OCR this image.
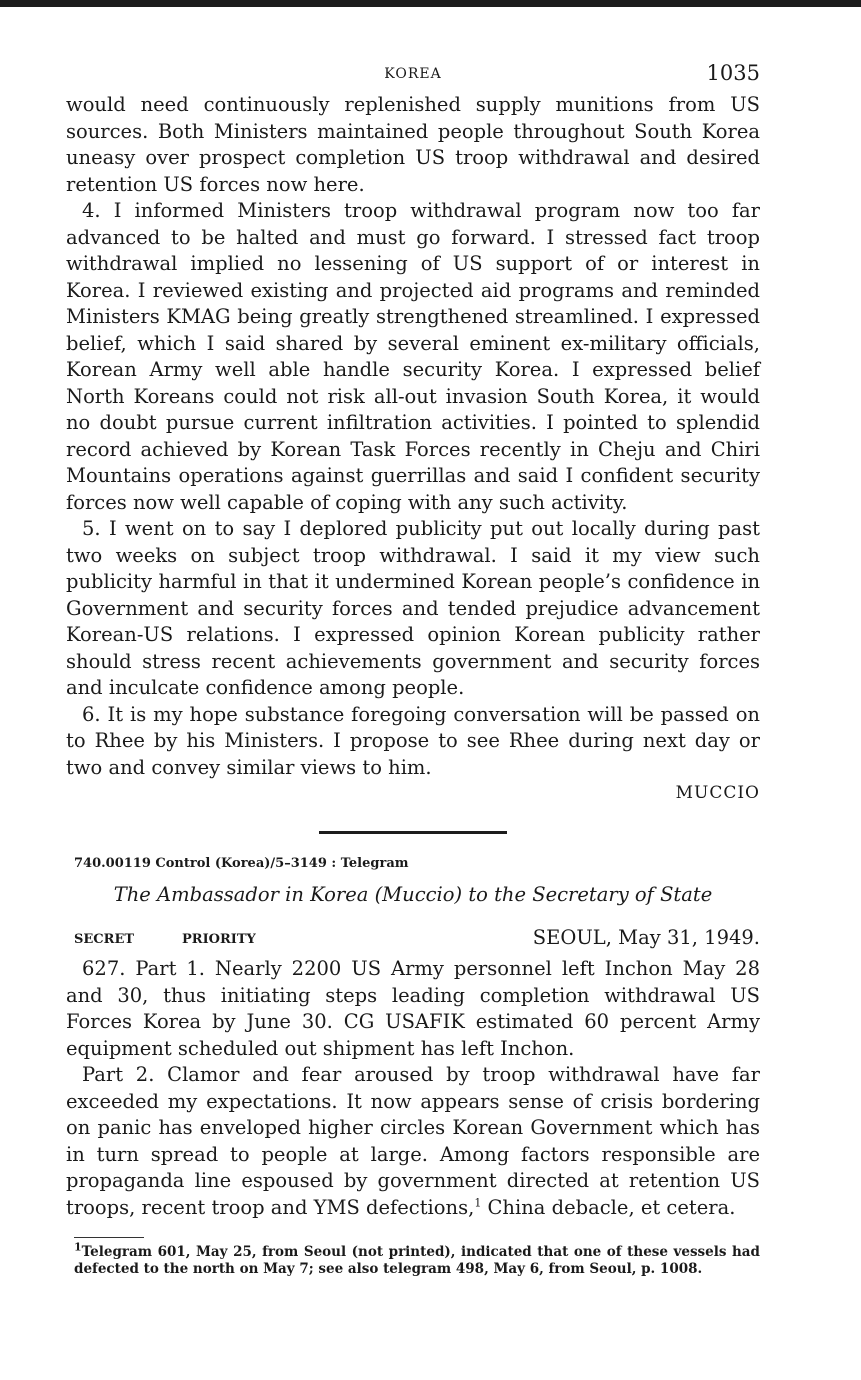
KOREA	1035

would need continuously replenished supply munitions from US sources. Both Ministers maintained people throughout South Korea uneasy over prospect completion US troop withdrawal and desired retention US forces now here.

4. I informed Ministers troop withdrawal program now too far advanced to be halted and must go forward. I stressed fact troop withdrawal implied no lessening of US support of or interest in Korea. I reviewed existing and projected aid programs and reminded Ministers KMAG being greatly strengthened streamlined. I expressed belief, which I said shared by several eminent ex-military officials, Korean Army well able handle security Korea. I expressed belief North Koreans could not risk all-out invasion South Korea, it would no doubt pursue current infiltration activities. I pointed to splendid record achieved by Korean Task Forces recently in Cheju and Chiri Mountains operations against guerrillas and said I confident security forces now well capable of coping with any such activity.

5. I went on to say I deplored publicity put out locally during past two weeks on subject troop withdrawal. I said it my view such publicity harmful in that it undermined Korean people’s confidence in Government and security forces and tended prejudice advancement Korean-US relations. I expressed opinion Korean publicity rather should stress recent achievements government and security forces and inculcate confidence among people.

6. It is my hope substance foregoing conversation will be passed on to Rhee by his Ministers. I propose to see Rhee during next day or two and convey similar views to him.

MUCCIO
740.00119 Control (Korea)/5–3149 : Telegram
The Ambassador in Korea (Muccio) to the Secretary of State
SECRET	PRIORITY	SEOUL, May 31, 1949.

627. Part 1. Nearly 2200 US Army personnel left Inchon May 28 and 30, thus initiating steps leading completion withdrawal US Forces Korea by June 30. CG USAFIK estimated 60 percent Army equipment scheduled out shipment has left Inchon.

Part 2. Clamor and fear aroused by troop withdrawal have far exceeded my expectations. It now appears sense of crisis bordering on panic has enveloped higher circles Korean Government which has in turn spread to people at large. Among factors responsible are propaganda line espoused by government directed at retention US troops, recent troop and YMS defections,$^1$ China debacle, et cetera.

$^1$Telegram 601, May 25, from Seoul (not printed), indicated that one of these vessels had defected to the north on May 7; see also telegram 498, May 6, from Seoul, p. 1008.
